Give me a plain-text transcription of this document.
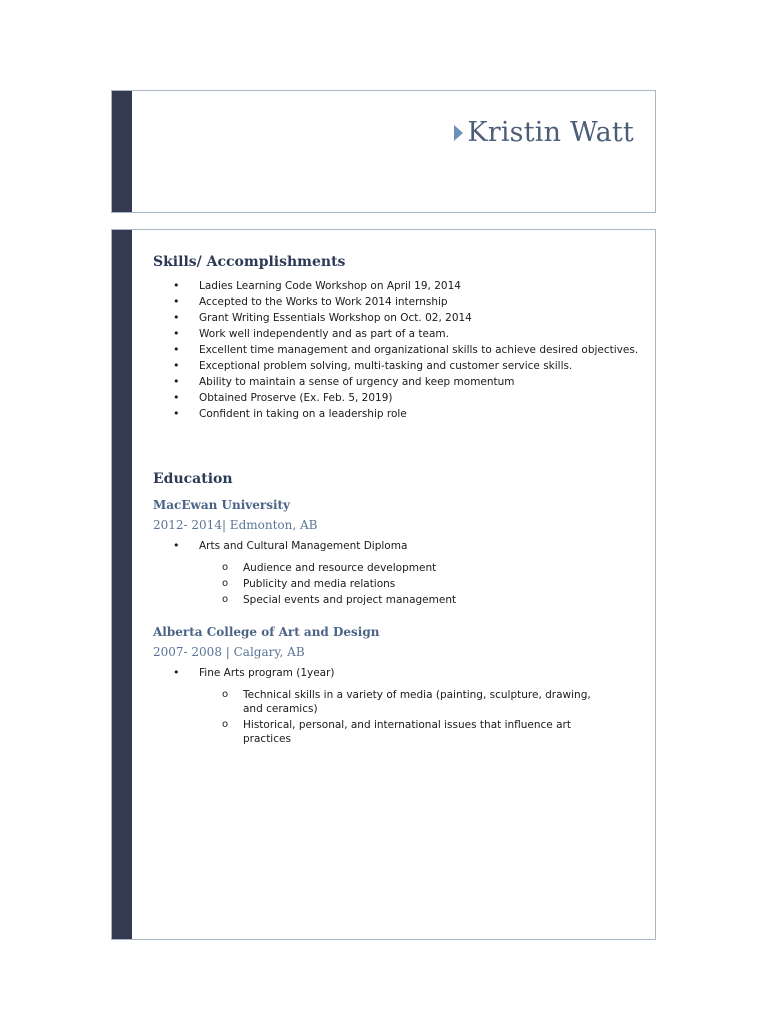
Kristin Watt
Skills/ Accomplishments
• Ladies Learning Code Workshop on April 19, 2014
• Accepted to the Works to Work 2014 internship
• Grant Writing Essentials Workshop on Oct. 02, 2014
• Work well independently and as part of a team.
• Excellent time management and organizational skills to achieve desired objectives.
• Exceptional problem solving, multi-tasking and customer service skills.
• Ability to maintain a sense of urgency and keep momentum
• Obtained Proserve (Ex. Feb. 5, 2019)
• Confident in taking on a leadership role
Education
MacEwan University
2012- 2014| Edmonton, AB
• Arts and Cultural Management Diploma
o Audience and resource development
o Publicity and media relations
o Special events and project management
Alberta College of Art and Design
2007- 2008 | Calgary, AB
• Fine Arts program (1year)
o Technical skills in a variety of media (painting, sculpture, drawing, and ceramics)
o Historical, personal, and international issues that influence art practices
